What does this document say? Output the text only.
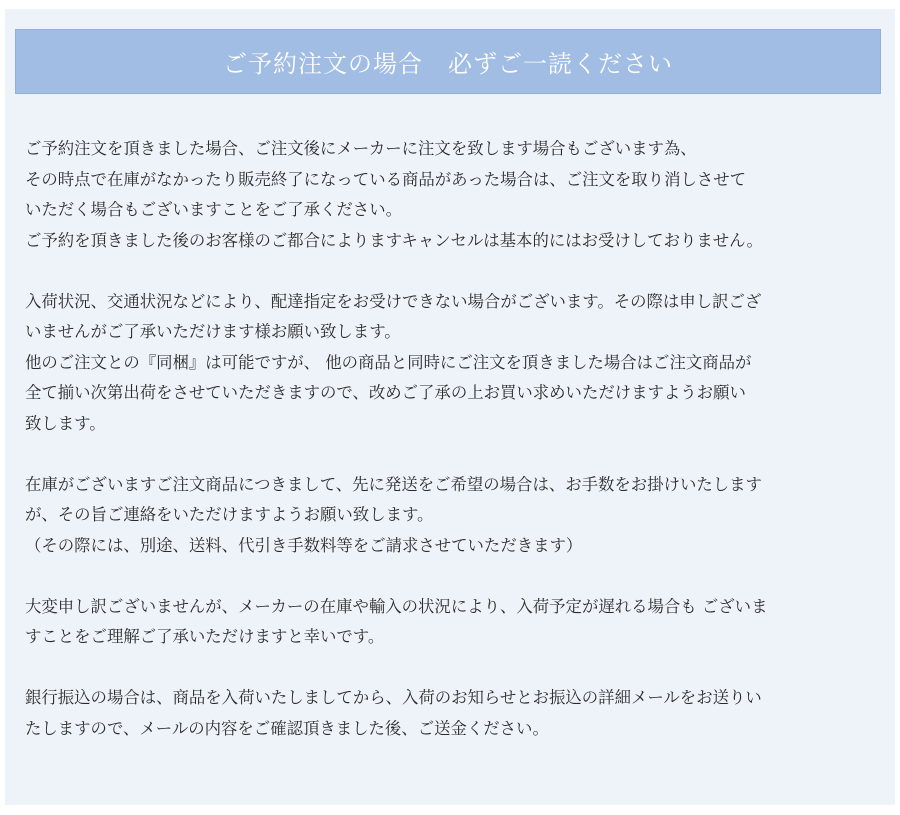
ご予約注文の場合　必ずご一読ください

ご予約注文を頂きました場合、ご注文後にメーカーに注文を致します場合もございます為、
その時点で在庫がなかったり販売終了になっている商品があった場合は、ご注文を取り消しさせて
いただく場合もございますことをご了承ください。
ご予約を頂きました後のお客様のご都合によりますキャンセルは基本的にはお受けしておりません。

入荷状況、交通状況などにより、配達指定をお受けできない場合がございます。その際は申し訳ござ
いませんがご了承いただけます様お願い致します。
他のご注文との『同梱』は可能ですが、 他の商品と同時にご注文を頂きました場合はご注文商品が
全て揃い次第出荷をさせていただきますので、改めご了承の上お買い求めいただけますようお願い
致します。

在庫がございますご注文商品につきまして、先に発送をご希望の場合は、お手数をお掛けいたします
が、その旨ご連絡をいただけますようお願い致します。
（その際には、別途、送料、代引き手数料等をご請求させていただきます）

大変申し訳ございませんが、メーカーの在庫や輸入の状況により、入荷予定が遅れる場合も ございま
すことをご理解ご了承いただけますと幸いです。

銀行振込の場合は、商品を入荷いたしましてから、入荷のお知らせとお振込の詳細メールをお送りい
たしますので、メールの内容をご確認頂きました後、ご送金ください。
